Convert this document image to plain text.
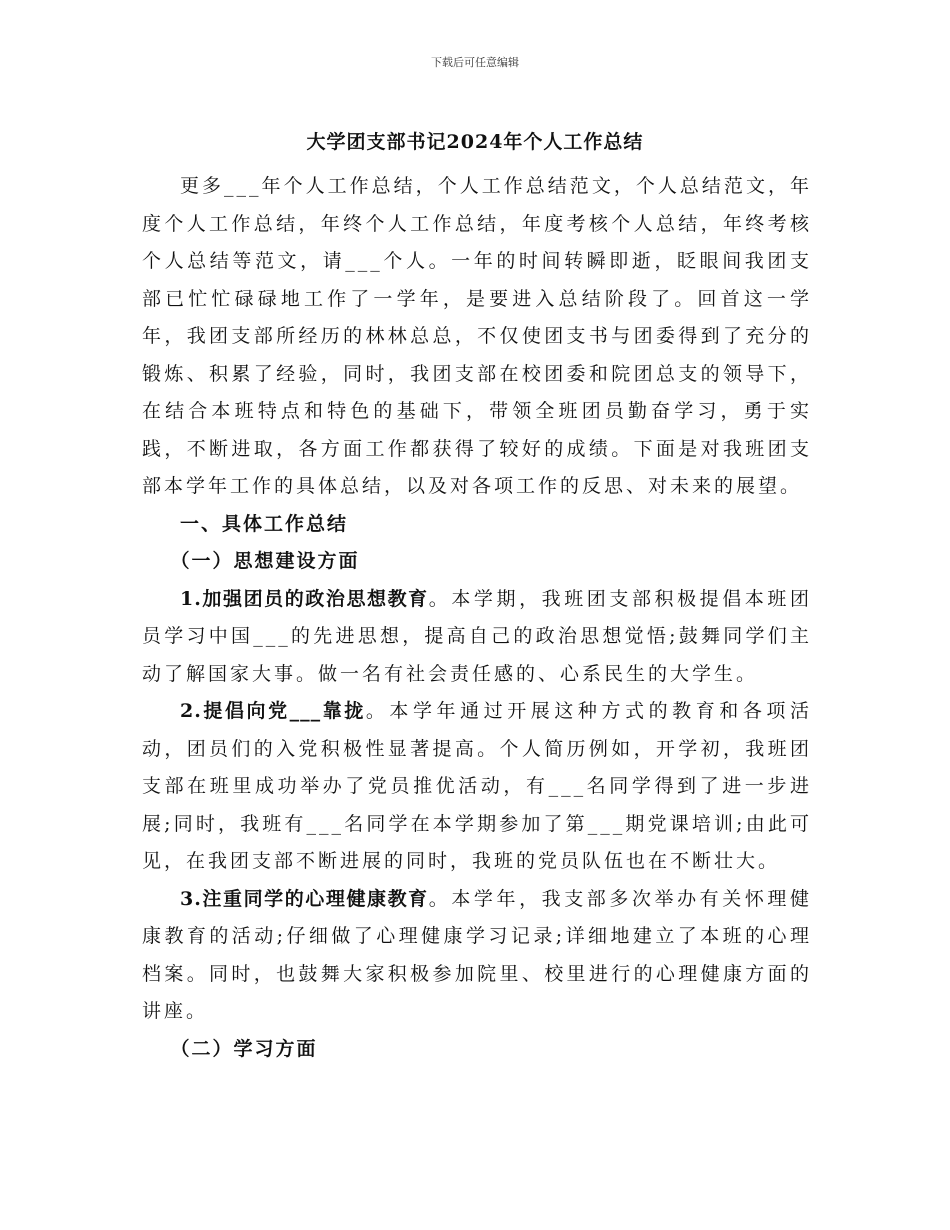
下载后可任意编辑
大学团支部书记2024年个人工作总结

更多___年个人工作总结，个人工作总结范文，个人总结范文，年度个人工作总结，年终个人工作总结，年度考核个人总结，年终考核个人总结等范文，请___个人。一年的时间转瞬即逝，眨眼间我团支部已忙忙碌碌地工作了一学年，是要进入总结阶段了。回首这一学年，我团支部所经历的林林总总，不仅使团支书与团委得到了充分的锻炼、积累了经验，同时，我团支部在校团委和院团总支的领导下，在结合本班特点和特色的基础下，带领全班团员勤奋学习，勇于实践，不断进取，各方面工作都获得了较好的成绩。下面是对我班团支部本学年工作的具体总结，以及对各项工作的反思、对未来的展望。

一、具体工作总结

（一）思想建设方面

1.加强团员的政治思想教育。本学期，我班团支部积极提倡本班团员学习中国___的先进思想，提高自己的政治思想觉悟;鼓舞同学们主动了解国家大事。做一名有社会责任感的、心系民生的大学生。

2.提倡向党___靠拢。本学年通过开展这种方式的教育和各项活动，团员们的入党积极性显著提高。个人简历例如，开学初，我班团支部在班里成功举办了党员推优活动，有___名同学得到了进一步进展;同时，我班有___名同学在本学期参加了第___期党课培训;由此可见，在我团支部不断进展的同时，我班的党员队伍也在不断壮大。

3.注重同学的心理健康教育。本学年，我支部多次举办有关怀理健康教育的活动;仔细做了心理健康学习记录;详细地建立了本班的心理档案。同时，也鼓舞大家积极参加院里、校里进行的心理健康方面的讲座。

（二）学习方面
